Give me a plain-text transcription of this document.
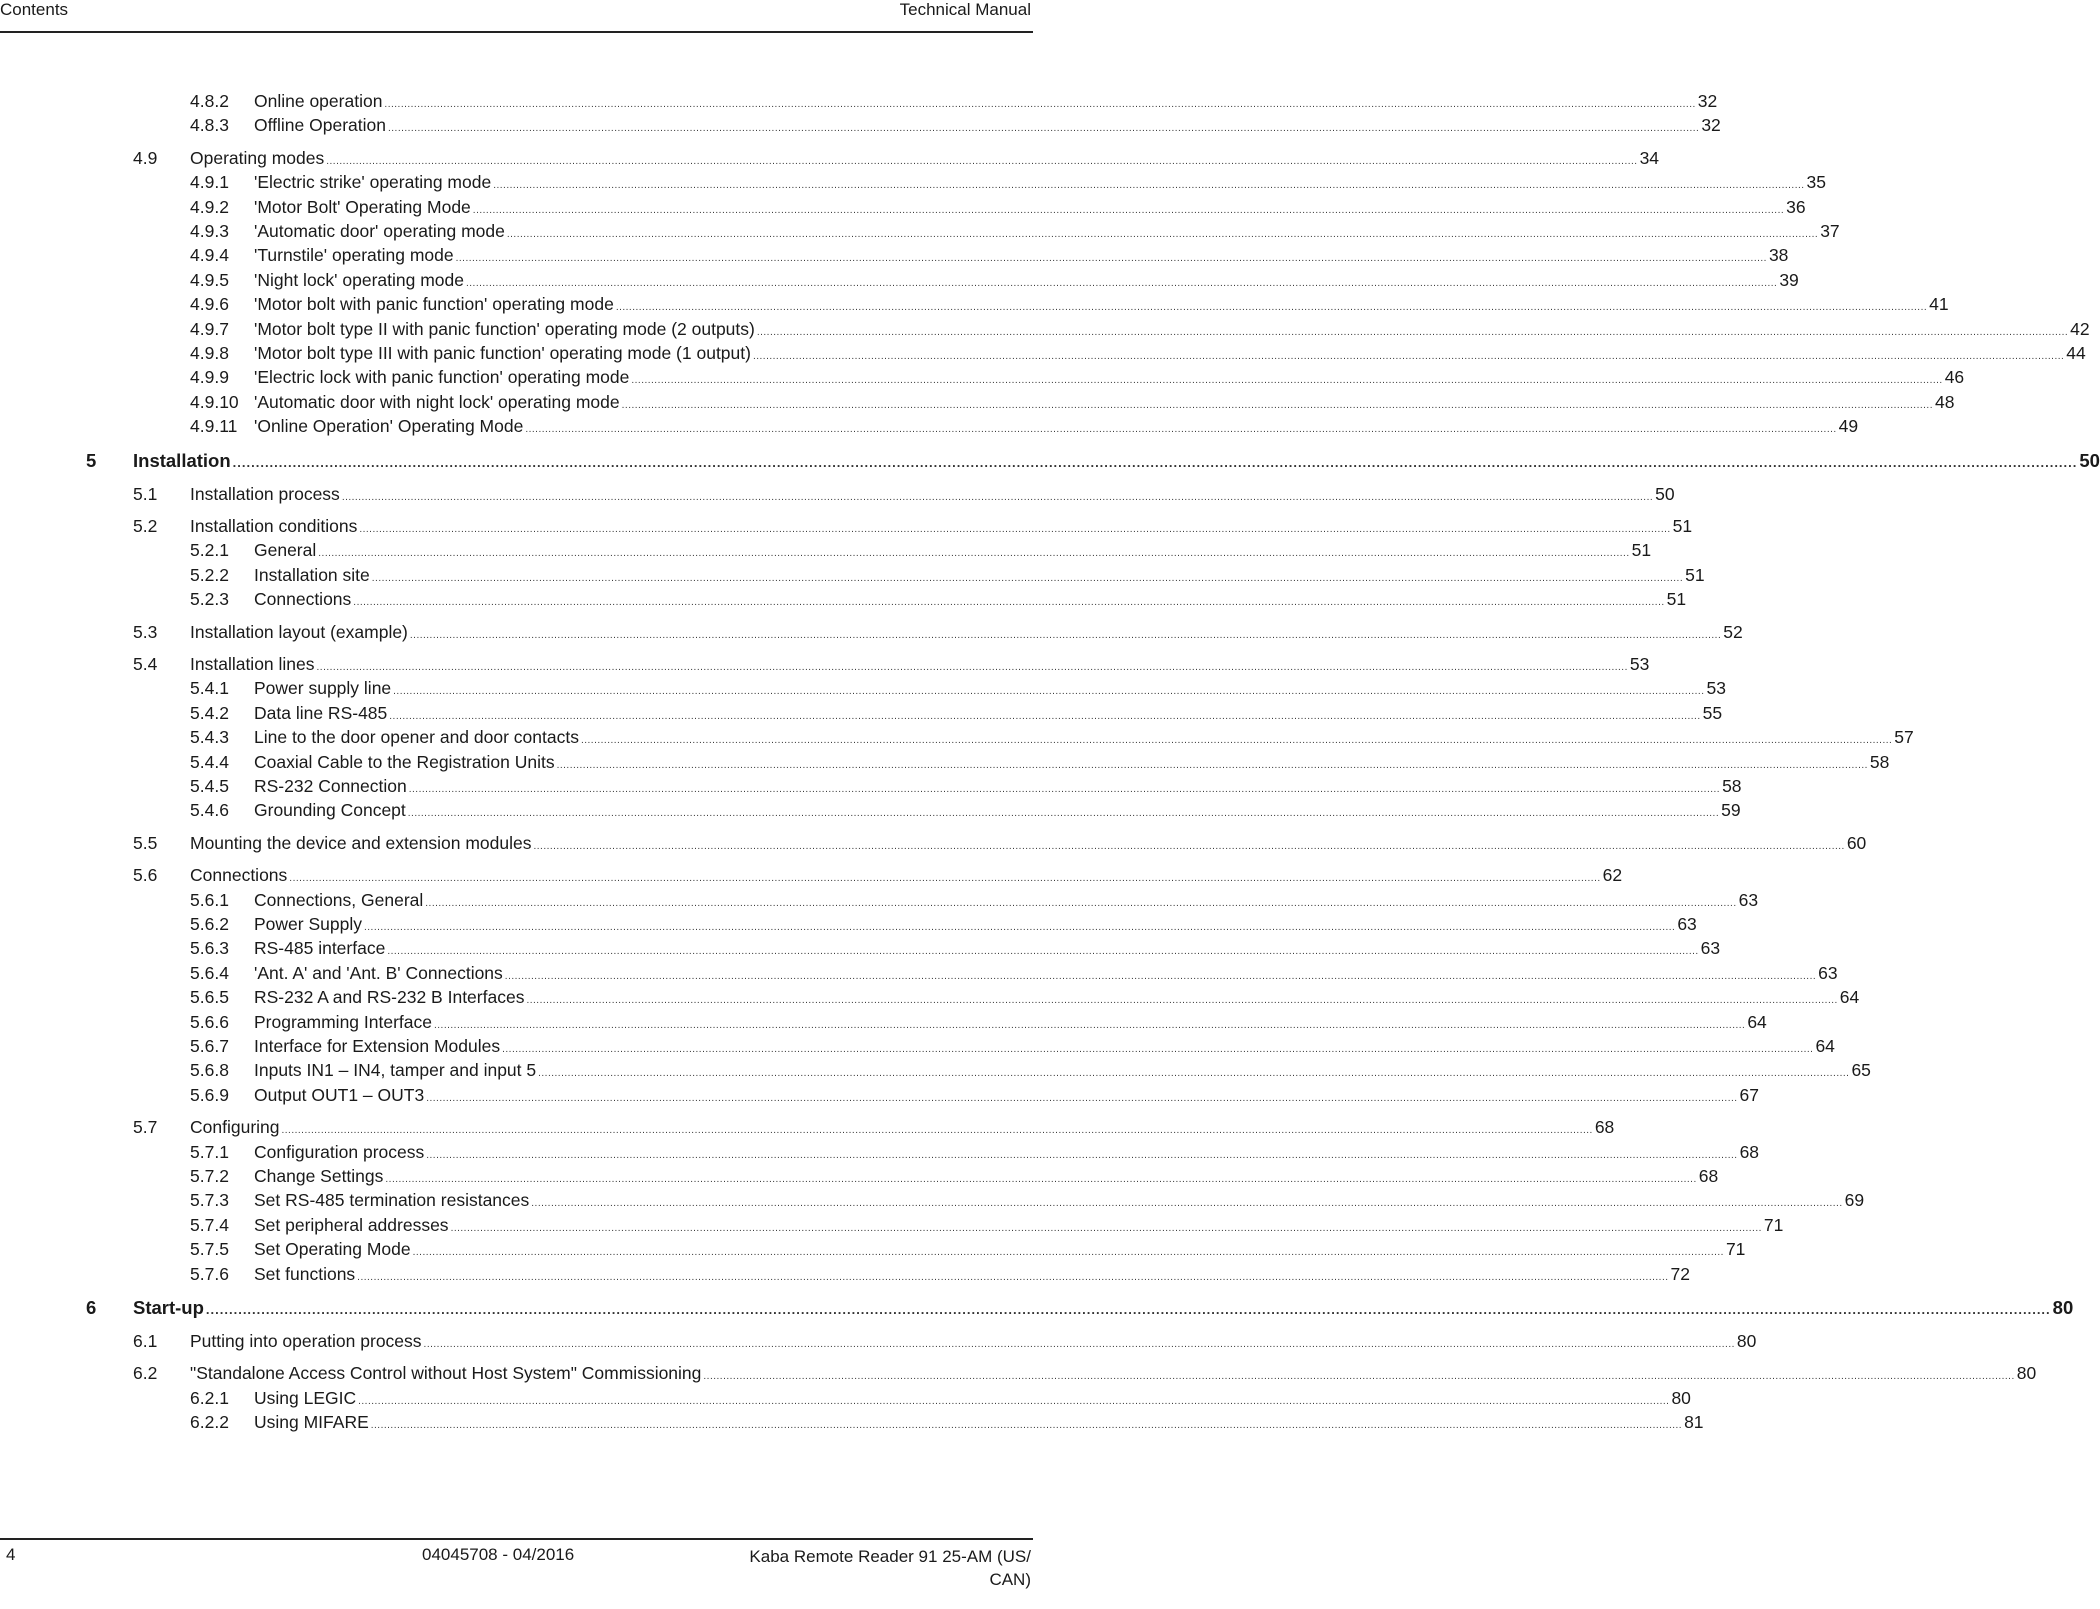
Contents	Technical Manual
4.8.2 Online operation ................................................................................................................................................................................................................................................................................................................................................................................................................ 32
4.8.3 Offline Operation ................................................................................................................................................................................................................................................................................................................................................................................................................ 32
4.9 Operating modes ................................................................................................................................................................................................................................................................................................................................................................................................................ 34
4.9.1 'Electric strike' operating mode ................................................................................................................................................................................................................................................................................................................................................................................................................ 35
4.9.2 'Motor Bolt' Operating Mode ................................................................................................................................................................................................................................................................................................................................................................................................................ 36
4.9.3 'Automatic door' operating mode ................................................................................................................................................................................................................................................................................................................................................................................................................ 37
4.9.4 'Turnstile' operating mode ................................................................................................................................................................................................................................................................................................................................................................................................................ 38
4.9.5 'Night lock' operating mode ................................................................................................................................................................................................................................................................................................................................................................................................................ 39
4.9.6 'Motor bolt with panic function' operating mode ................................................................................................................................................................................................................................................................................................................................................................................................................ 41
4.9.7 'Motor bolt type II with panic function' operating mode (2 outputs) ................................................................................................................................................................................................................................................................................................................................................................................................................ 42
4.9.8 'Motor bolt type III with panic function' operating mode (1 output) ................................................................................................................................................................................................................................................................................................................................................................................................................ 44
4.9.9 'Electric lock with panic function' operating mode ................................................................................................................................................................................................................................................................................................................................................................................................................ 46
4.9.10 'Automatic door with night lock' operating mode ................................................................................................................................................................................................................................................................................................................................................................................................................ 48
4.9.11 'Online Operation' Operating Mode ................................................................................................................................................................................................................................................................................................................................................................................................................ 49
5 Installation ................................................................................................................................................................................................................................................................................................................................................................................................................ 50
5.1 Installation process ................................................................................................................................................................................................................................................................................................................................................................................................................ 50
5.2 Installation conditions ................................................................................................................................................................................................................................................................................................................................................................................................................ 51
5.2.1 General ................................................................................................................................................................................................................................................................................................................................................................................................................ 51
5.2.2 Installation site ................................................................................................................................................................................................................................................................................................................................................................................................................ 51
5.2.3 Connections ................................................................................................................................................................................................................................................................................................................................................................................................................ 51
5.3 Installation layout (example) ................................................................................................................................................................................................................................................................................................................................................................................................................ 52
5.4 Installation lines ................................................................................................................................................................................................................................................................................................................................................................................................................ 53
5.4.1 Power supply line ................................................................................................................................................................................................................................................................................................................................................................................................................ 53
5.4.2 Data line RS-485 ................................................................................................................................................................................................................................................................................................................................................................................................................ 55
5.4.3 Line to the door opener and door contacts ................................................................................................................................................................................................................................................................................................................................................................................................................ 57
5.4.4 Coaxial Cable to the Registration Units ................................................................................................................................................................................................................................................................................................................................................................................................................ 58
5.4.5 RS-232 Connection ................................................................................................................................................................................................................................................................................................................................................................................................................ 58
5.4.6 Grounding Concept ................................................................................................................................................................................................................................................................................................................................................................................................................ 59
5.5 Mounting the device and extension modules ................................................................................................................................................................................................................................................................................................................................................................................................................ 60
5.6 Connections ................................................................................................................................................................................................................................................................................................................................................................................................................ 62
5.6.1 Connections, General ................................................................................................................................................................................................................................................................................................................................................................................................................ 63
5.6.2 Power Supply ................................................................................................................................................................................................................................................................................................................................................................................................................ 63
5.6.3 RS-485 interface ................................................................................................................................................................................................................................................................................................................................................................................................................ 63
5.6.4 'Ant. A' and 'Ant. B' Connections ................................................................................................................................................................................................................................................................................................................................................................................................................ 63
5.6.5 RS-232 A and RS-232 B Interfaces ................................................................................................................................................................................................................................................................................................................................................................................................................ 64
5.6.6 Programming Interface ................................................................................................................................................................................................................................................................................................................................................................................................................ 64
5.6.7 Interface for Extension Modules ................................................................................................................................................................................................................................................................................................................................................................................................................ 64
5.6.8 Inputs IN1 – IN4, tamper and input 5 ................................................................................................................................................................................................................................................................................................................................................................................................................ 65
5.6.9 Output OUT1 – OUT3 ................................................................................................................................................................................................................................................................................................................................................................................................................ 67
5.7 Configuring ................................................................................................................................................................................................................................................................................................................................................................................................................ 68
5.7.1 Configuration process ................................................................................................................................................................................................................................................................................................................................................................................................................ 68
5.7.2 Change Settings ................................................................................................................................................................................................................................................................................................................................................................................................................ 68
5.7.3 Set RS-485 termination resistances ................................................................................................................................................................................................................................................................................................................................................................................................................ 69
5.7.4 Set peripheral addresses ................................................................................................................................................................................................................................................................................................................................................................................................................ 71
5.7.5 Set Operating Mode ................................................................................................................................................................................................................................................................................................................................................................................................................ 71
5.7.6 Set functions ................................................................................................................................................................................................................................................................................................................................................................................................................ 72
6 Start-up ................................................................................................................................................................................................................................................................................................................................................................................................................ 80
6.1 Putting into operation process ................................................................................................................................................................................................................................................................................................................................................................................................................ 80
6.2 "Standalone Access Control without Host System" Commissioning ................................................................................................................................................................................................................................................................................................................................................................................................................ 80
6.2.1 Using LEGIC ................................................................................................................................................................................................................................................................................................................................................................................................................ 80
6.2.2 Using MIFARE ................................................................................................................................................................................................................................................................................................................................................................................................................ 81
4	04045708 - 04/2016	Kaba Remote Reader 91 25-AM (US/ CAN)
